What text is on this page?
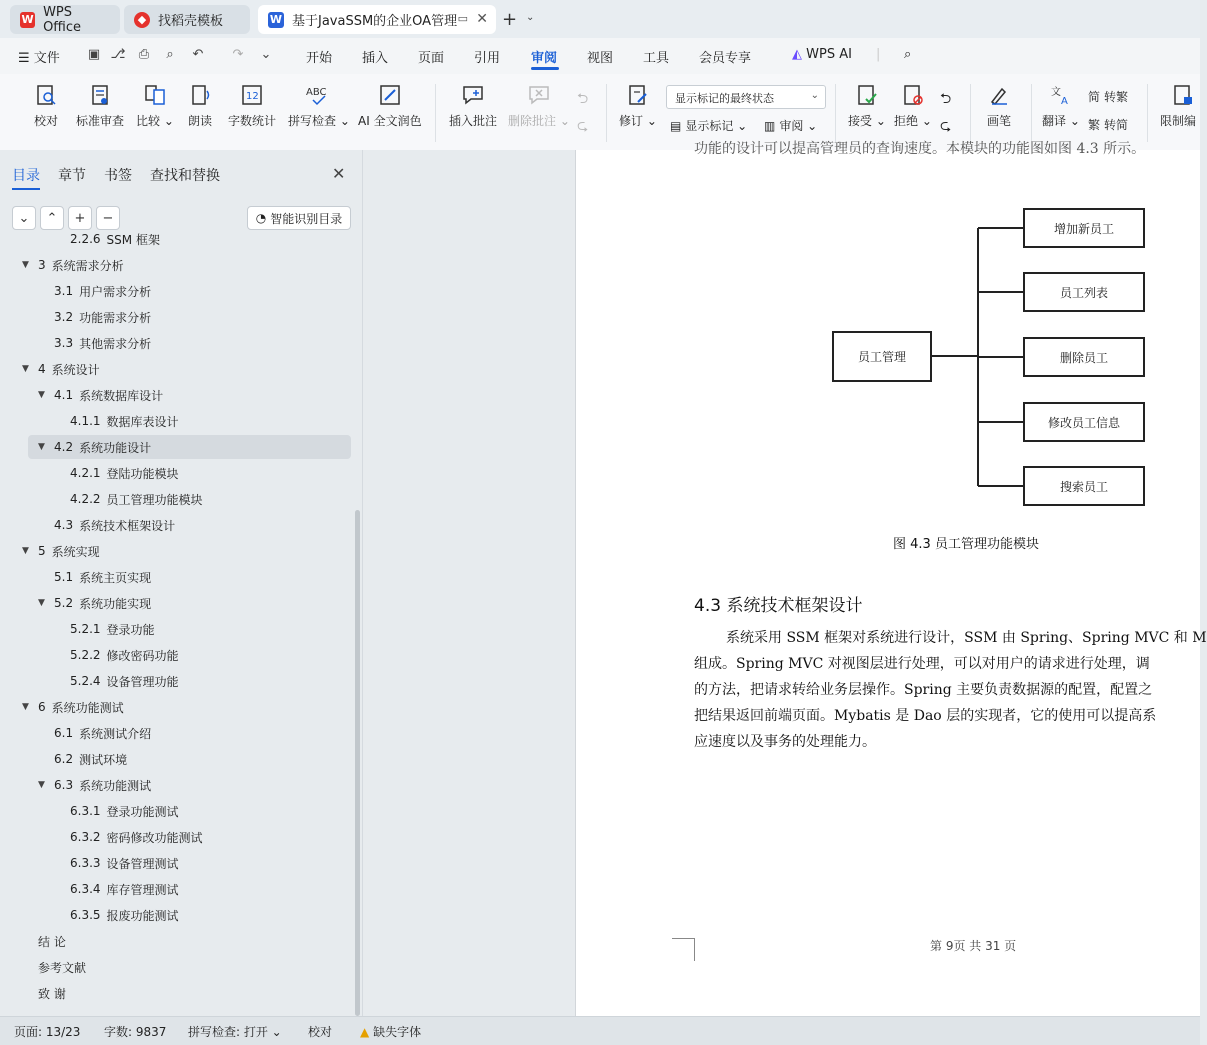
W WPS Office	◆ 找稻壳模板	W 基于JavaSSM的企业OA管理 ▭ ✕ + ⌄
☰ 文件 ▣ ⎇ ⎙	⌕	↶ ↷ ⌄	开始 插入 页面 引用 审阅 视图 工具 会员专享	◭ WPS AI | ⌕
校对 标准审查 比较 ⌄ 朗读
12
字数统计
ABC
拼写检查 ⌄ AI 全文润色 插入批注 删除批注 ⌄
⮌
⮎	修订 ⌄
显示标记的最终状态	⌄
▤ 显示标记 ⌄ ▥ 审阅 ⌄	接受 ⌄ 拒绝 ⌄
⮌
⮎	画笔
文
A
翻译 ⌄
简 转繁
繁 转简	限制编
目录 章节 书签 查找和替换	✕
⌄ ⌃ + −	◔ 智能识别目录
2.2.6 SSM 框架
▼ 3 系统需求分析
3.1 用户需求分析
3.2 功能需求分析
3.3 其他需求分析
▼ 4 系统设计
▼ 4.1 系统数据库设计
4.1.1 数据库表设计
▼ 4.2 系统功能设计
4.2.1 登陆功能模块
4.2.2 员工管理功能模块
4.3 系统技术框架设计
▼ 5 系统实现
5.1 系统主页实现
▼ 5.2 系统功能实现
5.2.1 登录功能
5.2.2 修改密码功能
5.2.4 设备管理功能
▼ 6 系统功能测试
6.1 系统测试介绍
6.2 测试环境
▼ 6.3 系统功能测试
6.3.1 登录功能测试
6.3.2 密码修改功能测试
6.3.3 设备管理测试
6.3.4 库存管理测试
6.3.5 报废功能测试
结 论
参考文献
致 谢
功能的设计可以提高管理员的查询速度。本模块的功能图如图 4.3 所示。
员工管理
增加新员工
员工列表
删除员工
修改员工信息
搜索员工
图 4.3 员工管理功能模块
4.3 系统技术框架设计
系统采用 SSM 框架对系统进行设计，SSM 由 Spring、Spring MVC 和 M
组成。Spring MVC 对视图层进行处理，可以对用户的请求进行处理，调
的方法，把请求转给业务层操作。Spring 主要负责数据源的配置，配置之
把结果返回前端页面。Mybatis 是 Dao 层的实现者，它的使用可以提高系
应速度以及事务的处理能力。
第 9页 共 31 页
页面: 13/23 字数: 9837 拼写检查: 打开 ⌄ 校对 ▲ 缺失字体
